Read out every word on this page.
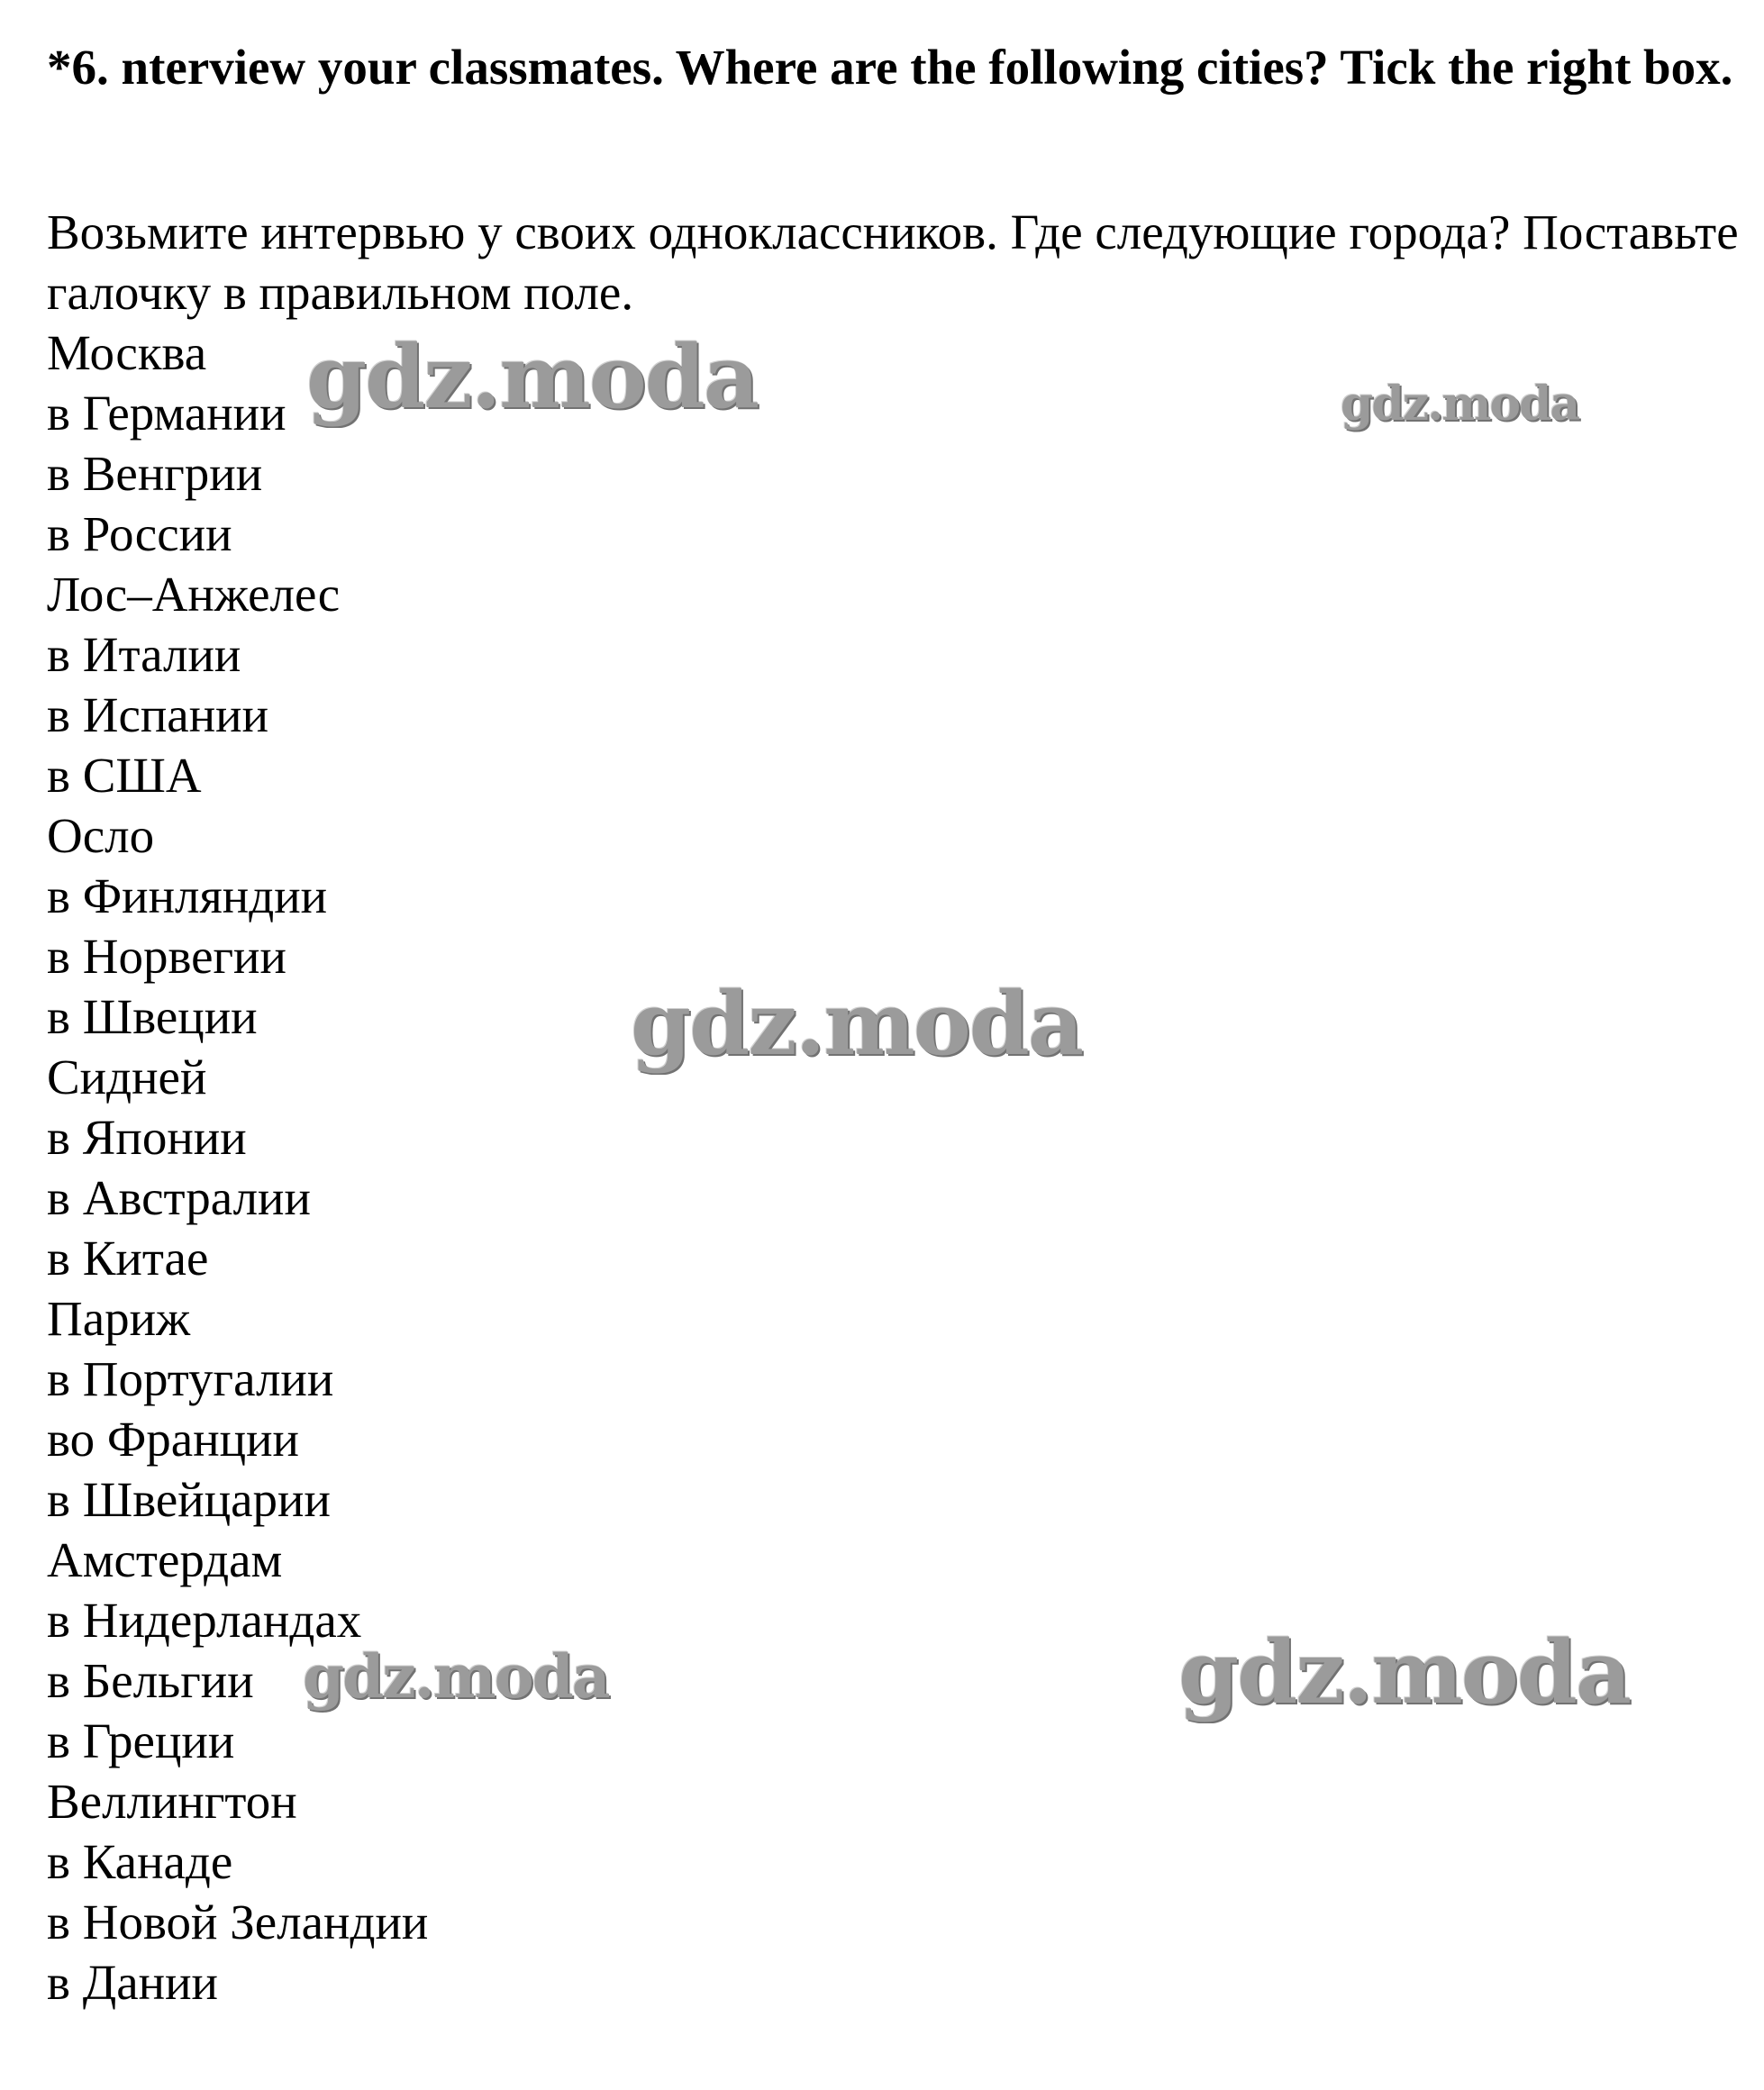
*6. nterview your classmates. Where are the following cities? Tick the right box.

Возьмите интервью у своих одноклассников. Где следующие города? Поставьте галочку в правильном поле.

Москва
в Германии
в Венгрии
в России
Лос–Анжелес
в Италии
в Испании
в США
Осло
в Финляндии
в Норвегии
в Швеции
Сидней
в Японии
в Австралии
в Китае
Париж
в Португалии
во Франции
в Швейцарии
Амстердам
в Нидерландах
в Бельгии
в Греции
Веллингтон
в Канаде
в Новой Зеландии
в Дании
gdz.moda	gdz.moda
gdz.moda
gdz.moda	gdz.moda
